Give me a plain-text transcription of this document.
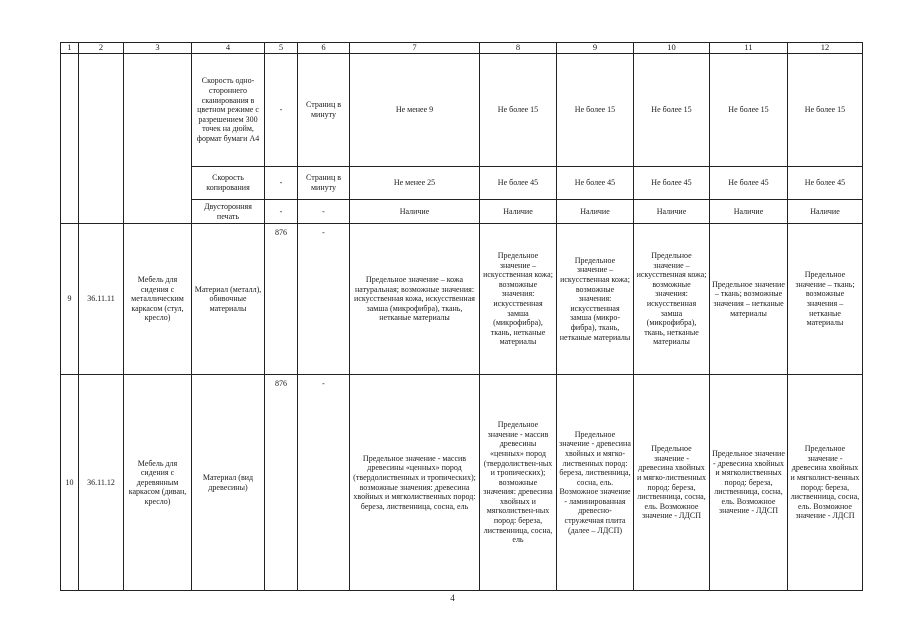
1	2	3	4	5	6	7	8	9	10	11	12
			Скорость одно-стороннего сканирования в цветном режиме с разрешением 300 точек на дюйм, формат бумаги А4	-	Страниц в минуту	Не менее 9	Не более 15	Не более 15	Не более 15	Не более 15	Не более 15
			Скорость копирования	-	Страниц в минуту	Не менее 25	Не более 45	Не более 45	Не более 45	Не более 45	Не более 45
			Двусторонняя печать	-	-	Наличие	Наличие	Наличие	Наличие	Наличие	Наличие
9	36.11.11	Мебель для сидения с металлическим каркасом (стул, кресло)	Материал (металл), обивочные материалы	876	-	Предельное значение – кожа натуральная; возможные значения: искусственная кожа, искусственная замша (микрофибра), ткань, нетканые материалы	Предельное значение – искусственная кожа; возможные значения: искусственная замша (микрофибра), ткань, нетканые материалы	Предельное значение – искусственная кожа; возможные значения: искусственная замша (микро-фибра), ткань, нетканые материалы	Предельное значение – искусственная кожа; возможные значения: искусственная замша (микрофибра), ткань, нетканые материалы	Предельное значение – ткань; возможные значения – нетканые материалы	Предельное значение – ткань; возможные значения – нетканые материалы
10	36.11.12	Мебель для сидения с деревянным каркасом (диван, кресло)	Материал (вид древесины)	876	-	Предельное значение - массив древесины «ценных» пород (твердолиственных и тропических); возможные значения: древесина хвойных и мягколиственных пород: береза, лиственница, сосна, ель	Предельное значение - массив древесины «ценных» пород (твердолиствен-ных и тропических); возможные значения: древесина хвойных и мягколиствен-ных пород: береза, лиственница, сосна, ель	Предельное значение - древесина хвойных и мягко-лиственных пород: береза, лиственница, сосна, ель. Возможное значение - ламинированная древесно-стружечная плита (далее – ЛДСП)	Предельное значение - древесина хвойных и мягко-лиственных пород: береза, лиственница, сосна, ель. Возможное значение - ЛДСП	Предельное значение - древесина хвойных и мягколиственных пород: береза, лиственница, сосна, ель. Возможное значение - ЛДСП	Предельное значение - древесина хвойных и мягколист-венных пород: береза, лиственница, сосна, ель. Возможное значение - ЛДСП
4
